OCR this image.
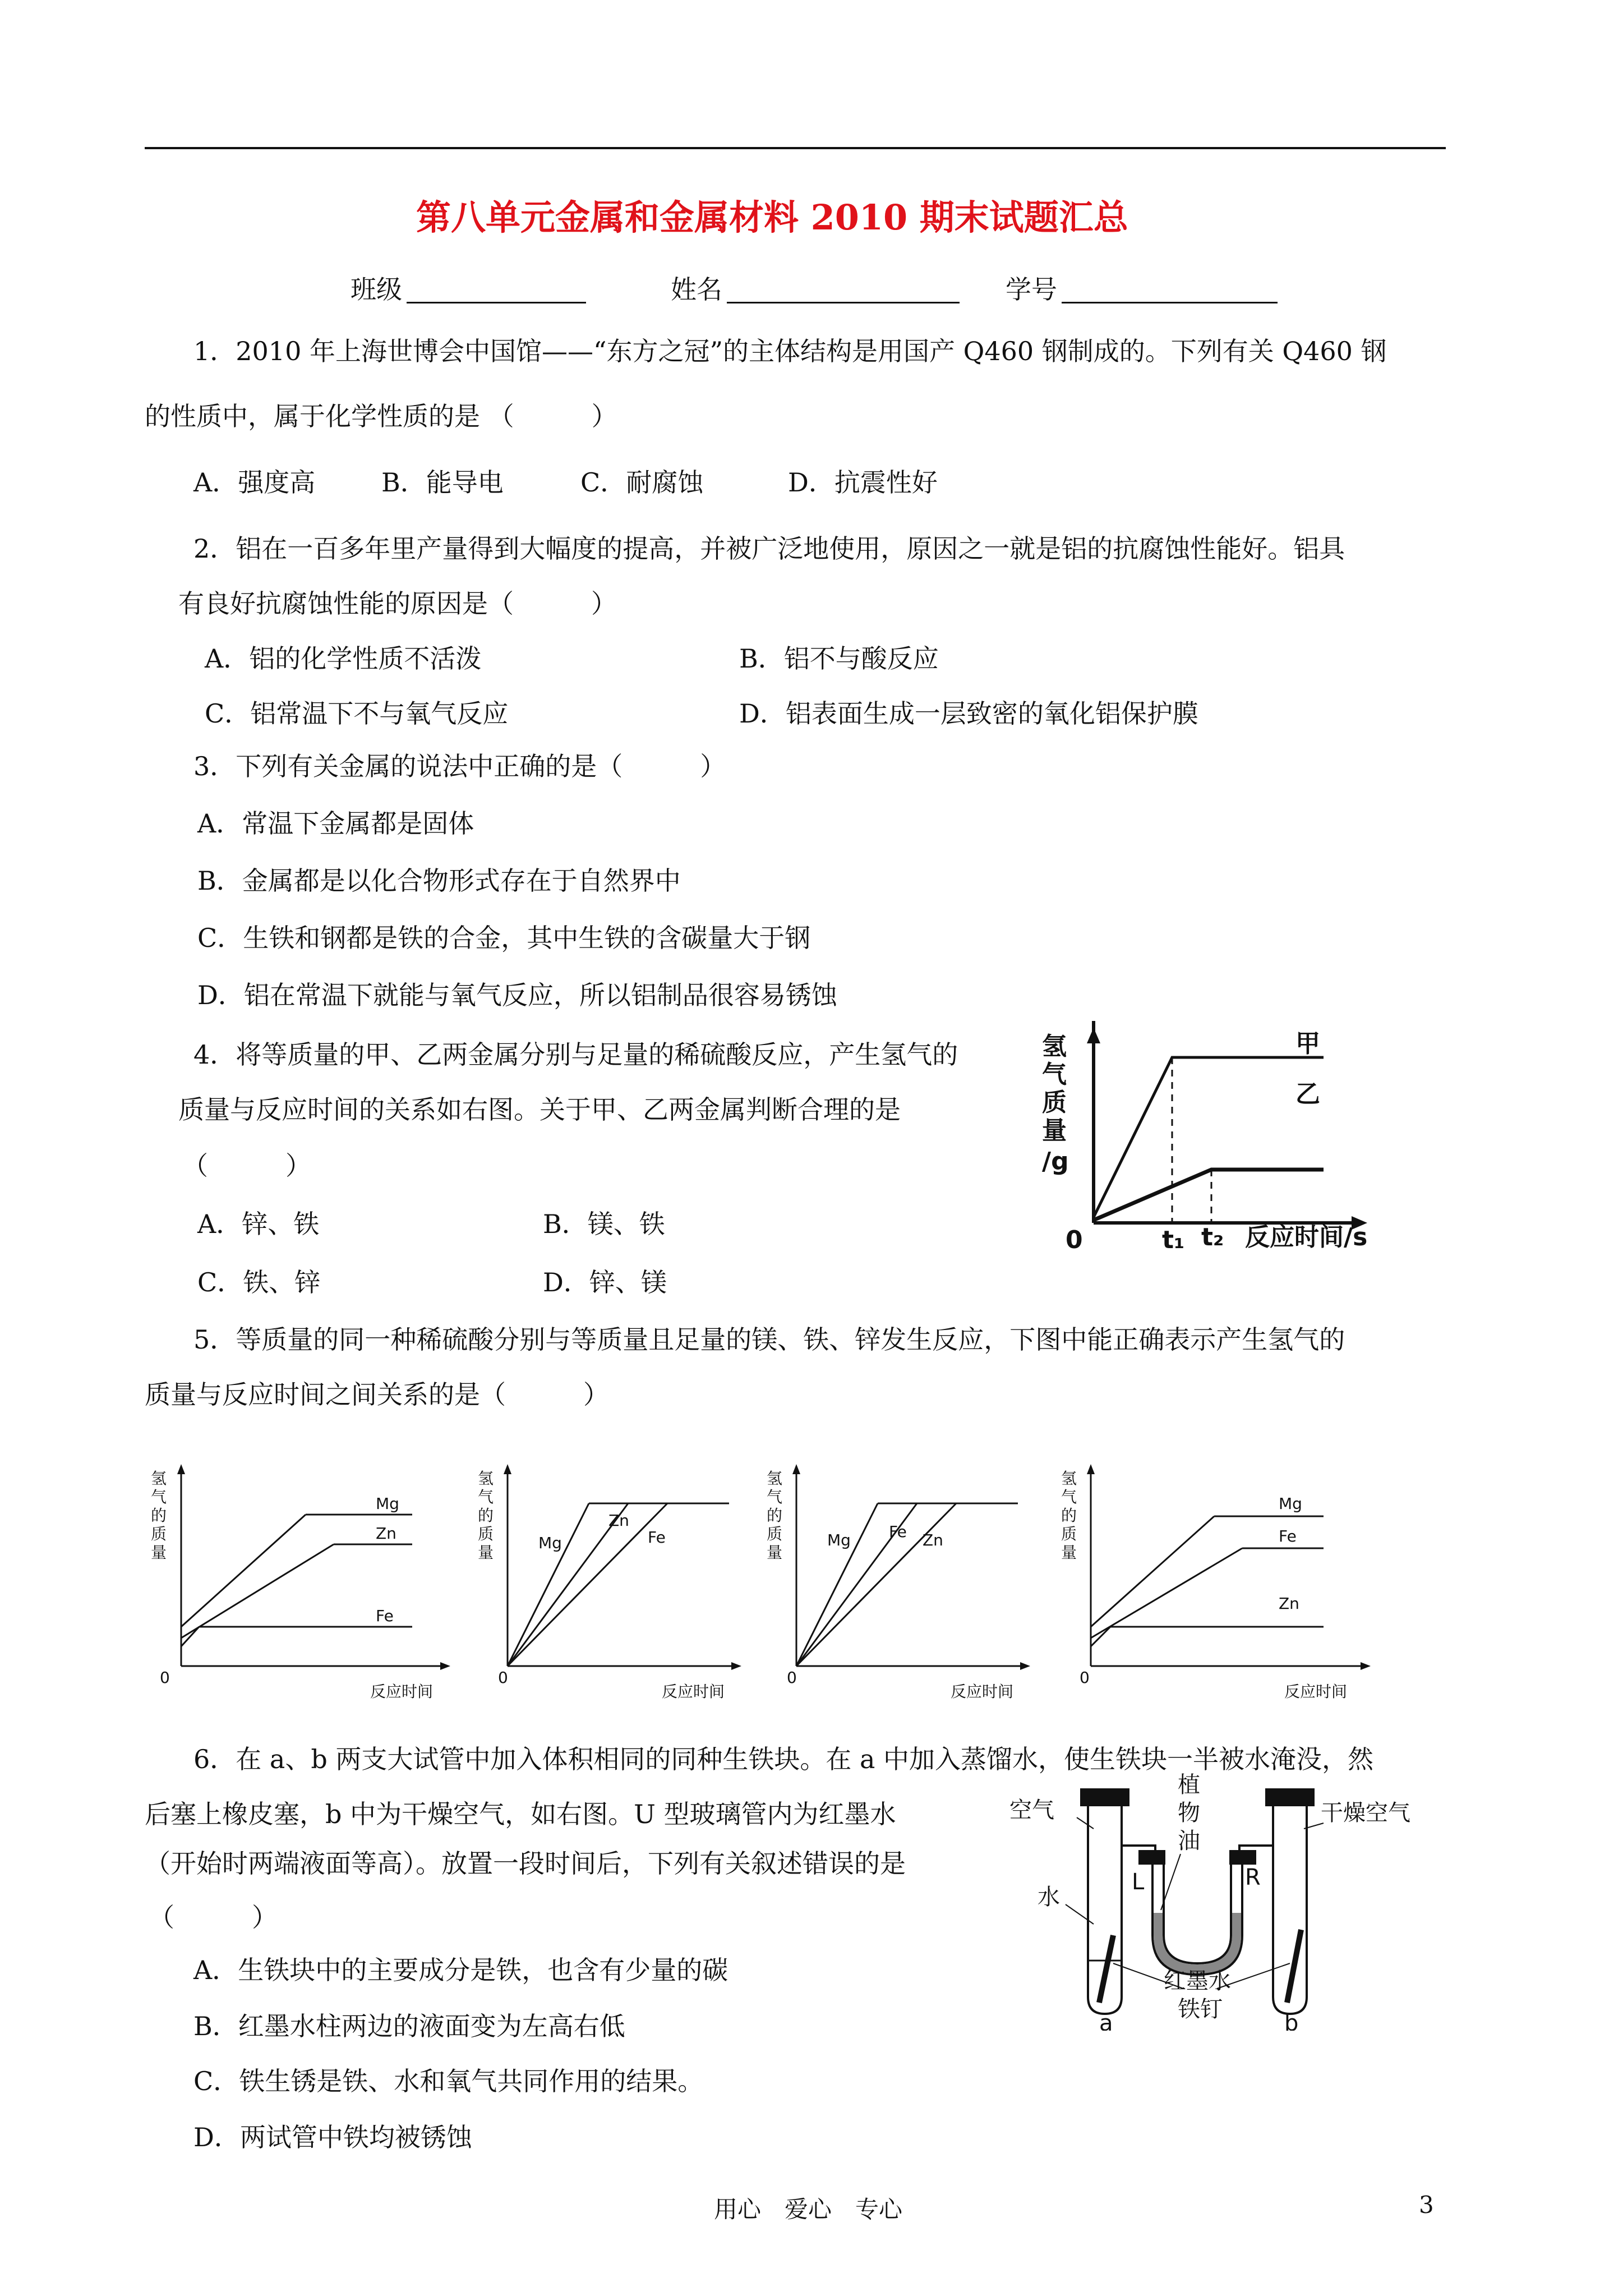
第八单元金属和金属材料 2010 期末试题汇总
班级	姓名	学号
1．2010 年上海世博会中国馆——“东方之冠”的主体结构是用国产 Q460 钢制成的。下列有关 Q460 钢
的性质中，属于化学性质的是 （　　　）
A．强度高	B．能导电	C．耐腐蚀	D．抗震性好
2．铝在一百多年里产量得到大幅度的提高，并被广泛地使用，原因之一就是铝的抗腐蚀性能好。铝具
有良好抗腐蚀性能的原因是（　　　）
A．铝的化学性质不活泼	B．铝不与酸反应
C．铝常温下不与氧气反应	D．铝表面生成一层致密的氧化铝保护膜
3．下列有关金属的说法中正确的是（　　　）
A．常温下金属都是固体
B．金属都是以化合物形式存在于自然界中
C．生铁和钢都是铁的合金，其中生铁的含碳量大于钢
D．铝在常温下就能与氧气反应，所以铝制品很容易锈蚀
4．将等质量的甲、乙两金属分别与足量的稀硫酸反应，产生氢气的
质量与反应时间的关系如右图。关于甲、乙两金属判断合理的是
（　　　）
A．锌、铁	B．镁、铁
C．铁、锌	D．锌、镁
氢
气
质
量
/g
0	t₁ t₂ 反应时间/s
甲
乙
5．等质量的同一种稀硫酸分别与等质量且足量的镁、铁、锌发生反应，下图中能正确表示产生氢气的
质量与反应时间之间关系的是（　　　）
氢
气
的
质
量
0
反应时间
Mg
Zn
Fe
氢
气
的
质
量
0
反应时间
Mg
Zn
Fe
氢
气
的
质
量
0
反应时间
Mg Fe Zn
氢
气
的
质
量
0
反应时间
Mg
Fe
Zn
6．在 a、b 两支大试管中加入体积相同的同种生铁块。在 a 中加入蒸馏水，使生铁块一半被水淹没，然
后塞上橡皮塞，b 中为干燥空气，如右图。U 型玻璃管内为红墨水
（开始时两端液面等高）。放置一段时间后，下列有关叙述错误的是
（　　　）
A．生铁块中的主要成分是铁，也含有少量的碳
B．红墨水柱两边的液面变为左高右低
C．铁生锈是铁、水和氧气共同作用的结果。
D．两试管中铁均被锈蚀
植
物
油
空气
水
干燥空气
L	R
红墨水
铁钉
a	b
用心　爱心　专心	3
